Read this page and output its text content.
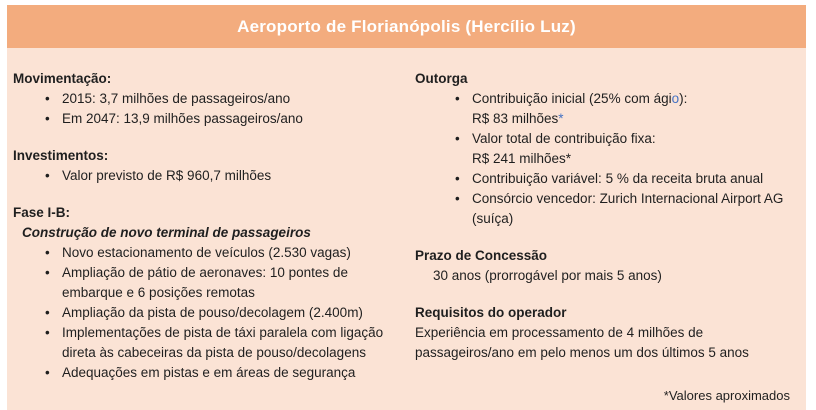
Aeroporto de Florianópolis (Hercílio Luz)
Movimentação:
• 2015: 3,7 milhões de passageiros/ano
• Em 2047: 13,9 milhões passageiros/ano
Investimentos:
• Valor previsto de R$ 960,7 milhões
Fase I-B:
Construção de novo terminal de passageiros
• Novo estacionamento de veículos (2.530 vagas)
• Ampliação de pátio de aeronaves: 10 pontes de embarque e 6 posições remotas
• Ampliação da pista de pouso/decolagem (2.400m)
• Implementações de pista de táxi paralela com ligação direta às cabeceiras da pista de pouso/decolagens
• Adequações em pistas e em áreas de segurança
Outorga
• Contribuição inicial (25% com ágio):
R$ 83 milhões*
• Valor total de contribuição fixa:
R$ 241 milhões*
• Contribuição variável: 5 % da receita bruta anual
• Consórcio vencedor: Zurich Internacional Airport AG (suíça)
Prazo de Concessão
30 anos (prorrogável por mais 5 anos)
Requisitos do operador
Experiência em processamento de 4 milhões de passageiros/ano em pelo menos um dos últimos 5 anos
*Valores aproximados
